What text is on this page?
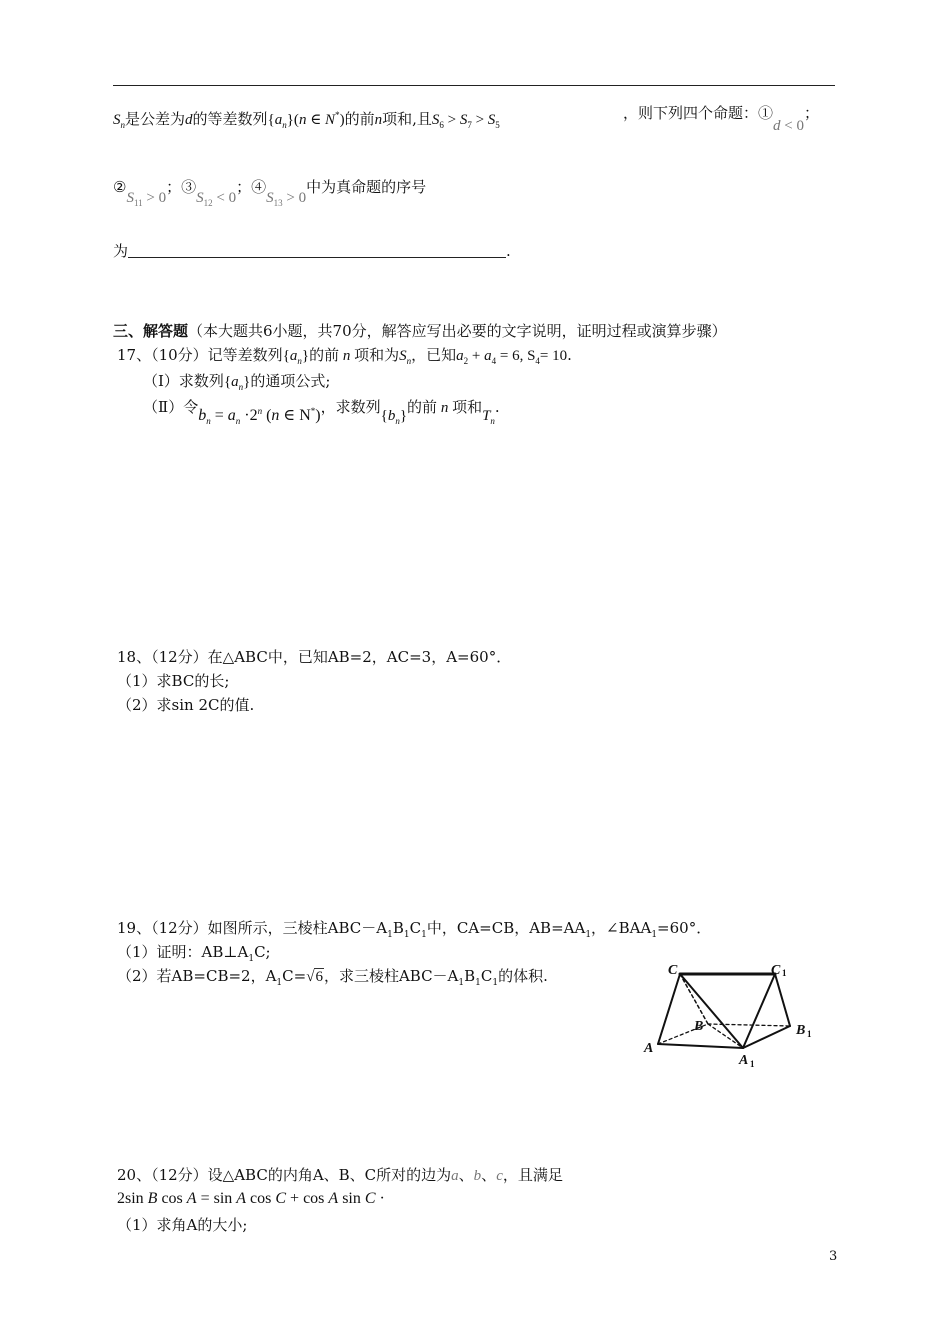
$S_n$是公差为d的等差数列$\{a_n\}(n$ ∈ N*)的前n项和,且$S_6 > S_7 > S_5$
，则下列四个命题：①d < 0；
$②S_{11} > 0$；$③S_{12} < 0$；$④S_{13} > 0$中为真命题的序号
为	.
三、解答题（本大题共6小题，共70分，解答应写出必要的文字说明，证明过程或演算步骤）
17、（10分）记等差数列$\{a_n\}$的前 n 项和为$S_n$，已知$a_2 + a_4 = 6$, $S_4= 10$.
（Ⅰ）求数列$\{a_n\}$的通项公式;
（Ⅱ）令$b_n = a_n \cdot 2^n$ (n ∈ N*)，求数列$\{b_n\}$的前 n 项和$T_n$.
18、（12分）在△ABC中，已知AB=2，AC=3，A=60°．
（1）求BC的长;
（2）求sin 2C的值.
19、（12分）如图所示，三棱柱$ABC-A_1B_1C_1$中，CA=CB，$AB=AA_1$，$\angle BAA_1=60^\circ$．
（1）证明：$AB\perp A_1C$;
（2）若AB=CB=2，$A_1C=√6$，求三棱柱$ABC-A_1B_1C_1$的体积.	C	C 1
B	B 1
A
A 1
20、（12分）设△ABC的内角A、B、C所对的边为a、b、c，且满足
2sin B cos A = sin A cos C + cos A sin C ·
（1）求角A的大小;
3
